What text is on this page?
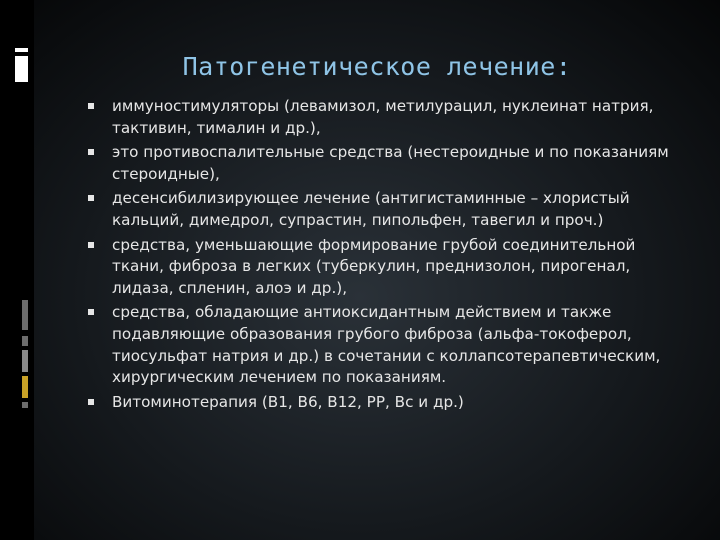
Патогенетическое лечение:
иммуностимуляторы (левамизол, метилурацил, нуклеинат натрия, тактивин, тималин и др.),
это противоспалительные средства (нестероидные и по показаниям стероидные),
десенсибилизирующее лечение (антигистаминные – хлористый кальций, димедрол, супрастин, пипольфен, тавегил и проч.)
средства, уменьшающие формирование грубой соединительной ткани, фиброза в легких (туберкулин, преднизолон, пирогенал, лидаза, спленин, алоэ и др.),
средства, обладающие антиоксидантным действием и также подавляющие образования грубого фиброза (альфа-токоферол, тиосульфат натрия и др.) в сочетании с коллапсотерапевтическим, хирургическим лечением по показаниям.
Витоминотерапия (В1, В6, В12, РР, Вс и др.)
